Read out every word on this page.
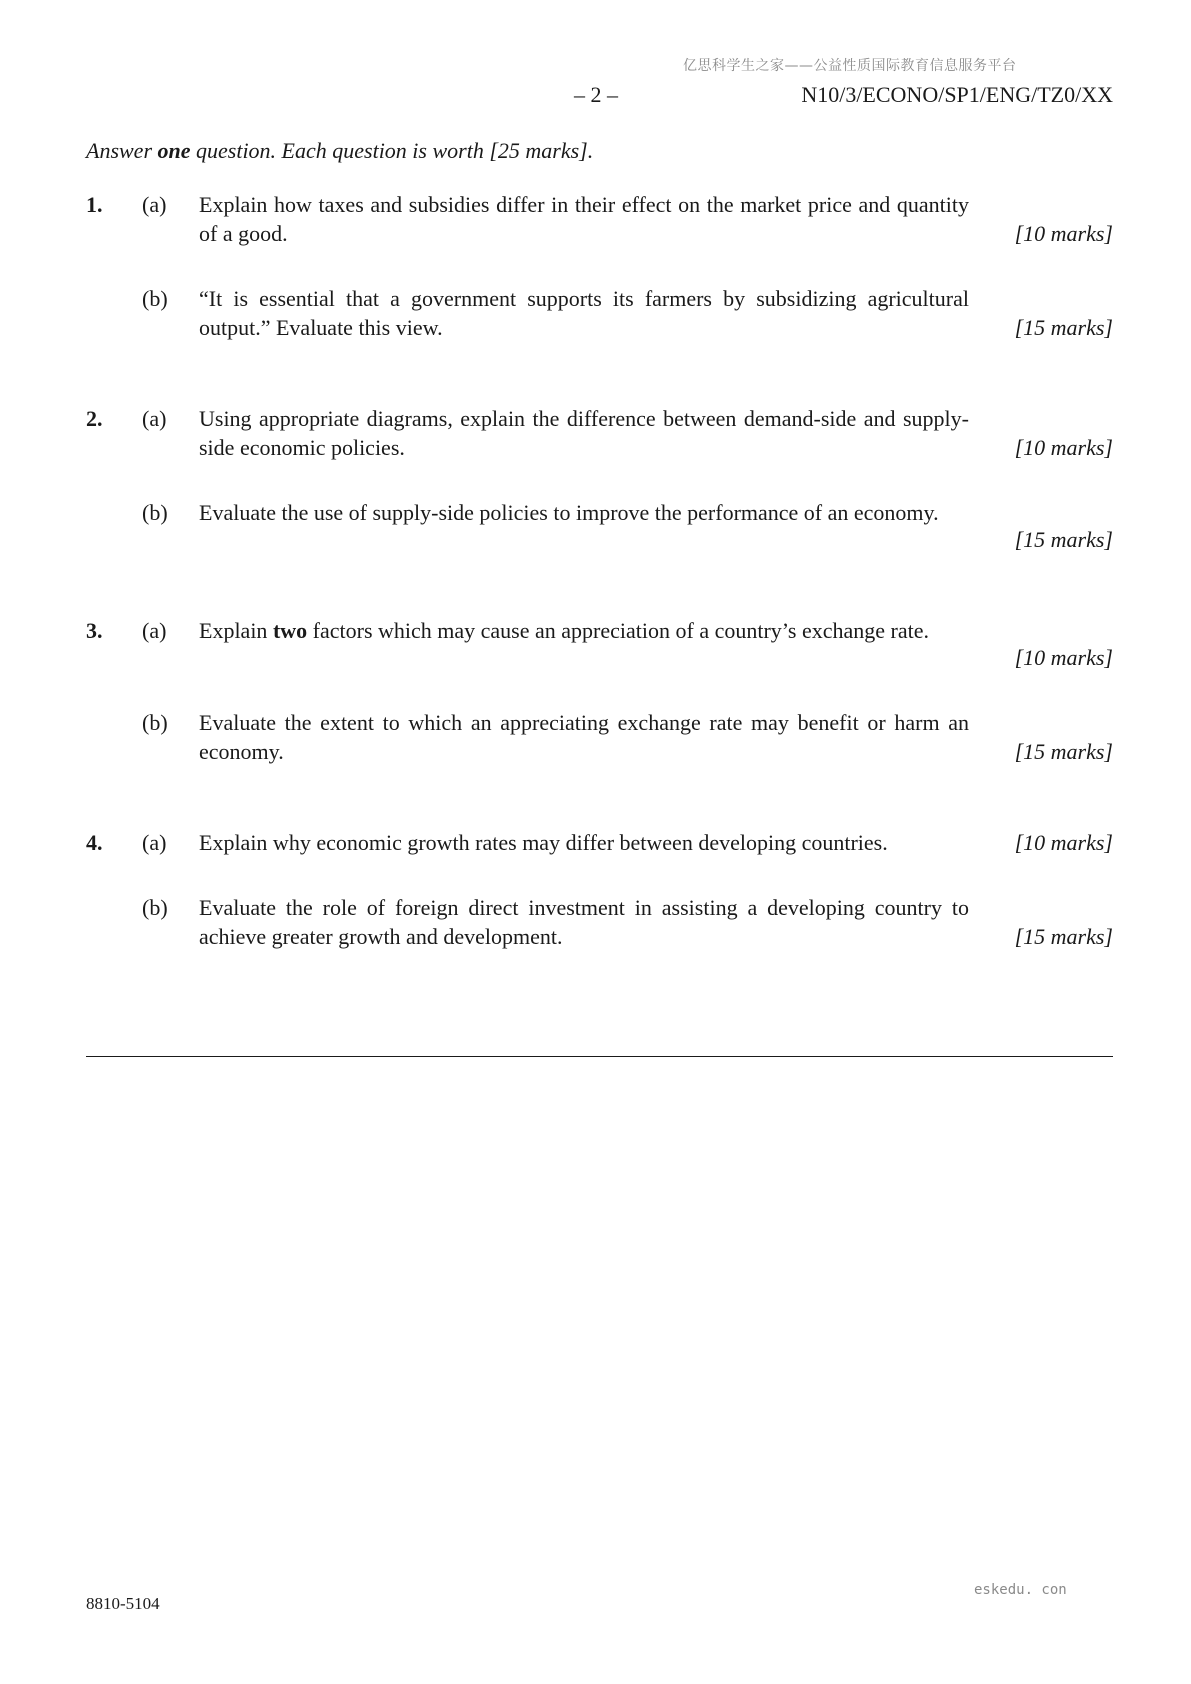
亿思科学生之家——公益性质国际教育信息服务平台
– 2 –	N10/3/ECONO/SP1/ENG/TZ0/XX
Answer one question. Each question is worth [25 marks].
1. (a) Explain how taxes and subsidies differ in their effect on the market price and quantity of a good.	[10 marks]
(b) “It is essential that a government supports its farmers by subsidizing agricultural output.” Evaluate this view.	[15 marks]
2. (a) Using appropriate diagrams, explain the difference between demand-side and supply-side economic policies.	[10 marks]
(b) Evaluate the use of supply-side policies to improve the performance of an economy.
[15 marks]
3. (a) Explain two factors which may cause an appreciation of a country’s exchange rate.
[10 marks]
(b) Evaluate the extent to which an appreciating exchange rate may benefit or harm an economy.	[15 marks]
4. (a) Explain why economic growth rates may differ between developing countries.	[10 marks]
(b) Evaluate the role of foreign direct investment in assisting a developing country to achieve greater growth and development.	[15 marks]
8810-5104
eskedu. con
